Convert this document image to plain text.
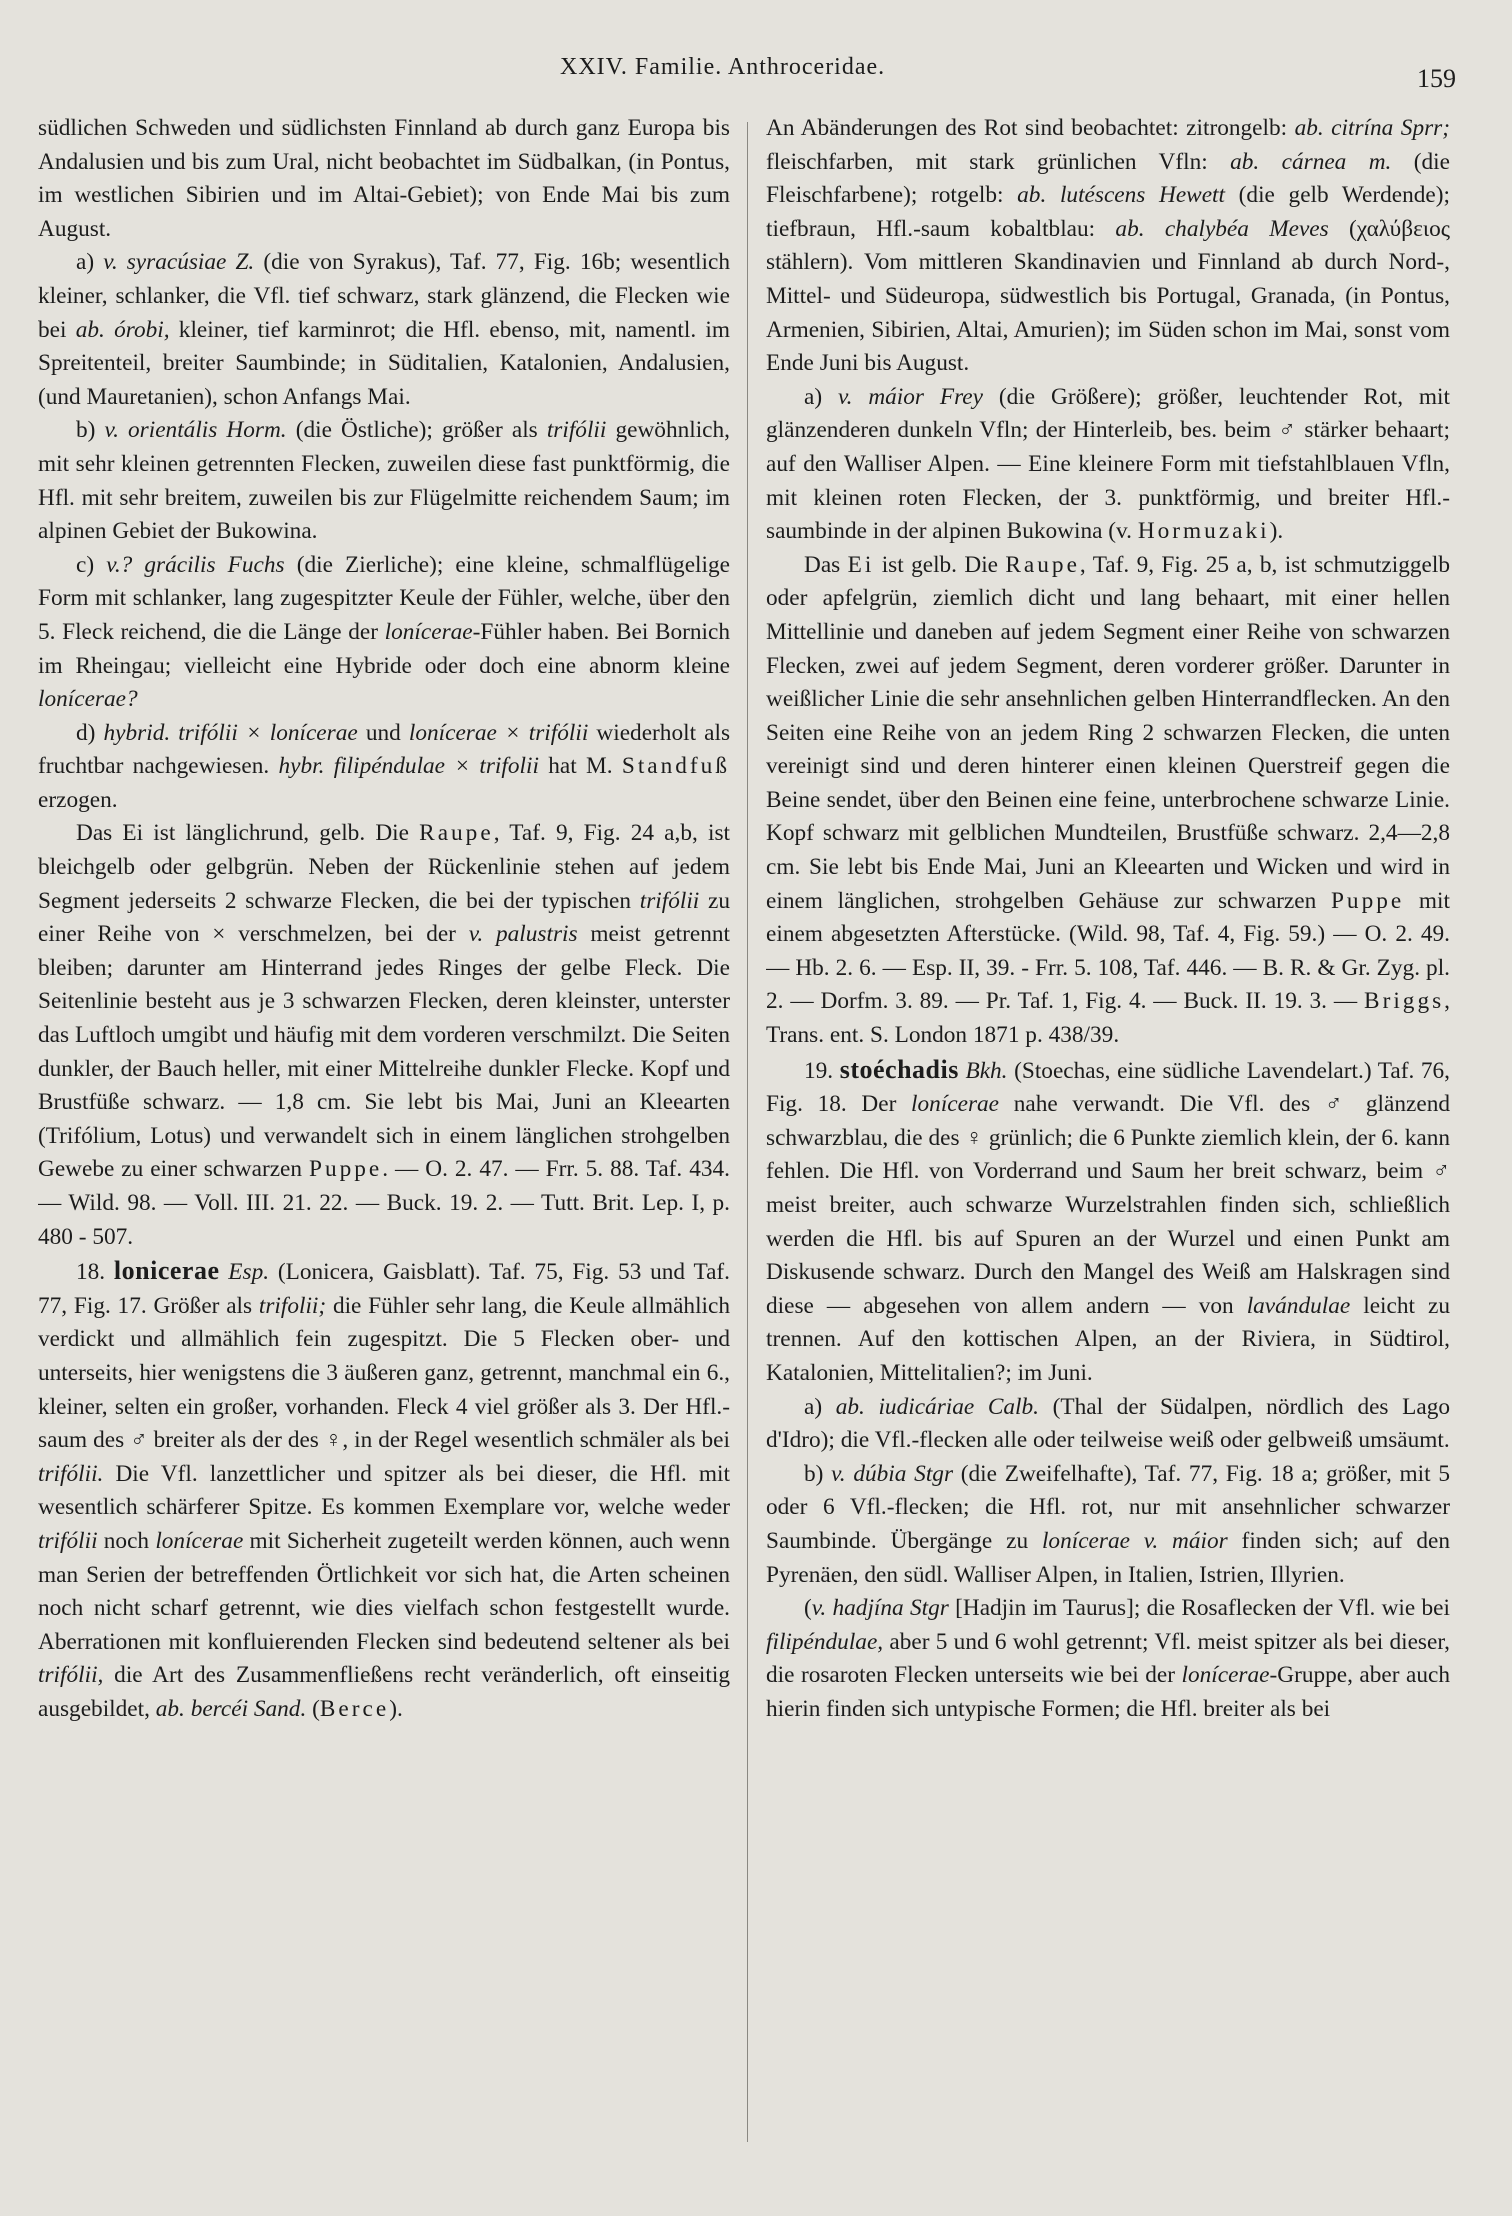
XXIV. Familie. Anthroceridae.	159

südlichen Schweden und südlichsten Finnland ab durch ganz Europa bis Andalusien und bis zum Ural, nicht beobachtet im Südbalkan, (in Pontus, im westlichen Sibirien und im Altai-Gebiet); von Ende Mai bis zum August.

a) v. syracúsiae Z. (die von Syrakus), Taf. 77, Fig. 16b; wesentlich kleiner, schlanker, die Vfl. tief schwarz, stark glänzend, die Flecken wie bei ab. órobi, kleiner, tief karminrot; die Hfl. ebenso, mit, namentl. im Spreitenteil, breiter Saumbinde; in Süditalien, Katalonien, Andalusien, (und Mauretanien), schon Anfangs Mai.

b) v. orientális Horm. (die Östliche); größer als trifólii gewöhnlich, mit sehr kleinen getrennten Flecken, zuweilen diese fast punktförmig, die Hfl. mit sehr breitem, zuweilen bis zur Flügelmitte reichendem Saum; im alpinen Gebiet der Bukowina.

c) v.? grácilis Fuchs (die Zierliche); eine kleine, schmalflügelige Form mit schlanker, lang zugespitzter Keule der Fühler, welche, über den 5. Fleck reichend, die die Länge der lonícerae-Fühler haben. Bei Bornich im Rheingau; vielleicht eine Hybride oder doch eine abnorm kleine lonícerae?

d) hybrid. trifólii × lonícerae und lonícerae × trifólii wiederholt als fruchtbar nachgewiesen. hybr. filipéndulae × trifolii hat M. Standfuß erzogen.

Das Ei ist länglichrund, gelb. Die Raupe, Taf. 9, Fig. 24 a,b, ist bleichgelb oder gelbgrün. Neben der Rückenlinie stehen auf jedem Segment jederseits 2 schwarze Flecken, die bei der typischen trifólii zu einer Reihe von × verschmelzen, bei der v. palustris meist getrennt bleiben; darunter am Hinterrand jedes Ringes der gelbe Fleck. Die Seitenlinie besteht aus je 3 schwarzen Flecken, deren kleinster, unterster das Luftloch umgibt und häufig mit dem vorderen verschmilzt. Die Seiten dunkler, der Bauch heller, mit einer Mittelreihe dunkler Flecke. Kopf und Brustfüße schwarz. — 1,8 cm. Sie lebt bis Mai, Juni an Kleearten (Trifólium, Lotus) und verwandelt sich in einem länglichen strohgelben Gewebe zu einer schwarzen Puppe. — O. 2. 47. — Frr. 5. 88. Taf. 434. — Wild. 98. — Voll. III. 21. 22. — Buck. 19. 2. — Tutt. Brit. Lep. I, p. 480 - 507.

18. lonicerae Esp. (Lonicera, Gaisblatt). Taf. 75, Fig. 53 und Taf. 77, Fig. 17. Größer als trifolii; die Fühler sehr lang, die Keule allmählich verdickt und allmählich fein zugespitzt. Die 5 Flecken ober- und unterseits, hier wenigstens die 3 äußeren ganz, getrennt, manchmal ein 6., kleiner, selten ein großer, vorhanden. Fleck 4 viel größer als 3. Der Hfl.-saum des ♂ breiter als der des ♀, in der Regel wesentlich schmäler als bei trifólii. Die Vfl. lanzettlicher und spitzer als bei dieser, die Hfl. mit wesentlich schärferer Spitze. Es kommen Exemplare vor, welche weder trifólii noch lonícerae mit Sicherheit zugeteilt werden können, auch wenn man Serien der betreffenden Örtlichkeit vor sich hat, die Arten scheinen noch nicht scharf getrennt, wie dies vielfach schon festgestellt wurde. Aberrationen mit konfluierenden Flecken sind bedeutend seltener als bei trifólii, die Art des Zusammenfließens recht veränderlich, oft einseitig ausgebildet, ab. bercéi Sand. (Berce).

An Abänderungen des Rot sind beobachtet: zitrongelb: ab. citrína Sprr; fleischfarben, mit stark grünlichen Vfln: ab. cárnea m. (die Fleischfarbene); rotgelb: ab. lutéscens Hewett (die gelb Werdende); tiefbraun, Hfl.-saum kobaltblau: ab. chalybéa Meves (χαλύβειος stählern). Vom mittleren Skandinavien und Finnland ab durch Nord-, Mittel- und Südeuropa, südwestlich bis Portugal, Granada, (in Pontus, Armenien, Sibirien, Altai, Amurien); im Süden schon im Mai, sonst vom Ende Juni bis August.

a) v. máior Frey (die Größere); größer, leuchtender Rot, mit glänzenderen dunkeln Vfln; der Hinterleib, bes. beim ♂ stärker behaart; auf den Walliser Alpen. — Eine kleinere Form mit tiefstahlblauen Vfln, mit kleinen roten Flecken, der 3. punktförmig, und breiter Hfl.-saumbinde in der alpinen Bukowina (v. Hormuzaki).

Das Ei ist gelb. Die Raupe, Taf. 9, Fig. 25 a, b, ist schmutziggelb oder apfelgrün, ziemlich dicht und lang behaart, mit einer hellen Mittellinie und daneben auf jedem Segment einer Reihe von schwarzen Flecken, zwei auf jedem Segment, deren vorderer größer. Darunter in weißlicher Linie die sehr ansehnlichen gelben Hinterrandflecken. An den Seiten eine Reihe von an jedem Ring 2 schwarzen Flecken, die unten vereinigt sind und deren hinterer einen kleinen Querstreif gegen die Beine sendet, über den Beinen eine feine, unterbrochene schwarze Linie. Kopf schwarz mit gelblichen Mundteilen, Brustfüße schwarz. 2,4—2,8 cm. Sie lebt bis Ende Mai, Juni an Kleearten und Wicken und wird in einem länglichen, strohgelben Gehäuse zur schwarzen Puppe mit einem abgesetzten Afterstücke. (Wild. 98, Taf. 4, Fig. 59.) — O. 2. 49. — Hb. 2. 6. — Esp. II, 39. - Frr. 5. 108, Taf. 446. — B. R. & Gr. Zyg. pl. 2. — Dorfm. 3. 89. — Pr. Taf. 1, Fig. 4. — Buck. II. 19. 3. — Briggs, Trans. ent. S. London 1871 p. 438/39.

19. stoéchadis Bkh. (Stoechas, eine südliche Lavendelart.) Taf. 76, Fig. 18. Der lonícerae nahe verwandt. Die Vfl. des ♂ glänzend schwarzblau, die des ♀ grünlich; die 6 Punkte ziemlich klein, der 6. kann fehlen. Die Hfl. von Vorderrand und Saum her breit schwarz, beim ♂ meist breiter, auch schwarze Wurzelstrahlen finden sich, schließlich werden die Hfl. bis auf Spuren an der Wurzel und einen Punkt am Diskusende schwarz. Durch den Mangel des Weiß am Halskragen sind diese — abgesehen von allem andern — von lavándulae leicht zu trennen. Auf den kottischen Alpen, an der Riviera, in Südtirol, Katalonien, Mittelitalien?; im Juni.

a) ab. iudicáriae Calb. (Thal der Südalpen, nördlich des Lago d'Idro); die Vfl.-flecken alle oder teilweise weiß oder gelbweiß umsäumt.

b) v. dúbia Stgr (die Zweifelhafte), Taf. 77, Fig. 18 a; größer, mit 5 oder 6 Vfl.-flecken; die Hfl. rot, nur mit ansehnlicher schwarzer Saumbinde. Übergänge zu lonícerae v. máior finden sich; auf den Pyrenäen, den südl. Walliser Alpen, in Italien, Istrien, Illyrien.

(v. hadjína Stgr [Hadjin im Taurus]; die Rosaflecken der Vfl. wie bei filipéndulae, aber 5 und 6 wohl getrennt; Vfl. meist spitzer als bei dieser, die rosaroten Flecken unterseits wie bei der lonícerae-Gruppe, aber auch hierin finden sich untypische Formen; die Hfl. breiter als bei
